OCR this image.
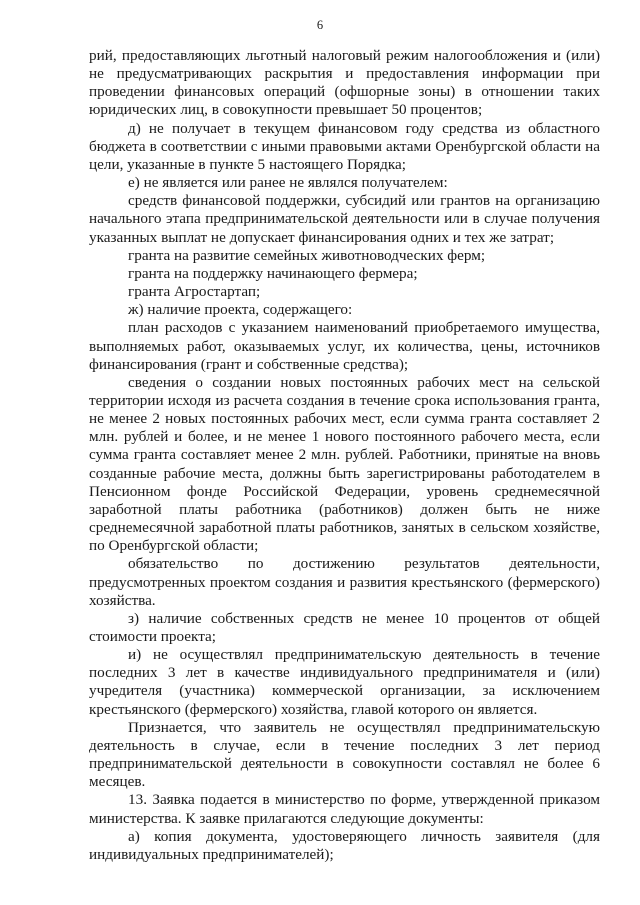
6

рий, предоставляющих льготный налоговый режим налогообложения и (или) не предусматривающих раскрытия и предоставления информации при проведении финансовых операций (офшорные зоны) в отношении таких юридических лиц, в совокупности превышает 50 процентов;

д) не получает в текущем финансовом году средства из областного бюджета в соответствии с иными правовыми актами Оренбургской области на цели, указанные в пункте 5 настоящего Порядка;

е) не является или ранее не являлся получателем:

средств финансовой поддержки, субсидий или грантов на организацию начального этапа предпринимательской деятельности или в случае получения указанных выплат не допускает финансирования одних и тех же затрат;

гранта на развитие семейных животноводческих ферм;

гранта на поддержку начинающего фермера;

гранта Агростартап;

ж) наличие проекта, содержащего:

план расходов с указанием наименований приобретаемого имущества, выполняемых работ, оказываемых услуг, их количества, цены, источников финансирования (грант и собственные средства);

сведения о создании новых постоянных рабочих мест на сельской территории исходя из расчета создания в течение срока использования гранта, не менее 2 новых постоянных рабочих мест, если сумма гранта составляет 2 млн. рублей и более, и не менее 1 нового постоянного рабочего места, если сумма гранта составляет менее 2 млн. рублей. Работники, принятые на вновь созданные рабочие места, должны быть зарегистрированы работодателем в Пенсионном фонде Российской Федерации, уровень среднемесячной заработной платы работника (работников) должен быть не ниже среднемесячной заработной платы работников, занятых в сельском хозяйстве, по Оренбургской области;

обязательство по достижению результатов деятельности, предусмотренных проектом создания и развития крестьянского (фермерского) хозяйства.

з) наличие собственных средств не менее 10 процентов от общей стоимости проекта;

и) не осуществлял предпринимательскую деятельность в течение последних 3 лет в качестве индивидуального предпринимателя и (или) учредителя (участника) коммерческой организации, за исключением крестьянского (фермерского) хозяйства, главой которого он является.

Признается, что заявитель не осуществлял предпринимательскую деятельность в случае, если в течение последних 3 лет период предпринимательской деятельности в совокупности составлял не более 6 месяцев.

13. Заявка подается в министерство по форме, утвержденной приказом министерства. К заявке прилагаются следующие документы:

а) копия документа, удостоверяющего личность заявителя (для индивидуальных предпринимателей);
